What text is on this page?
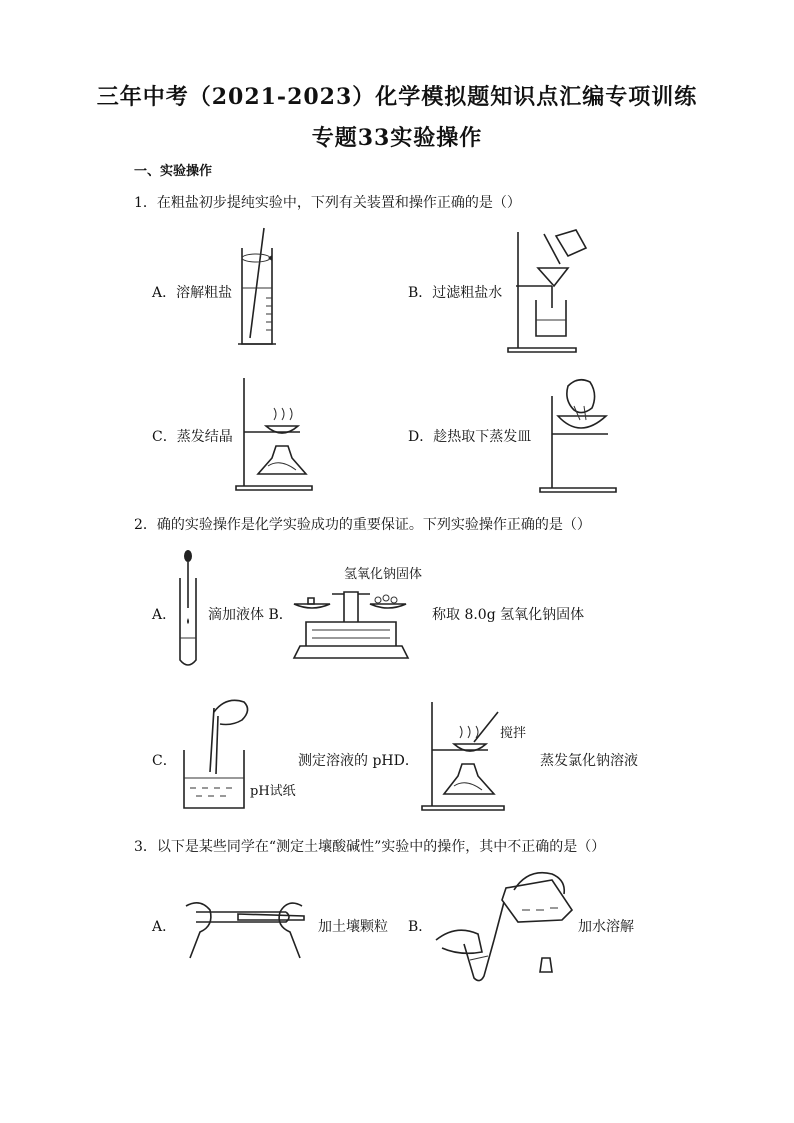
三年中考（2021-2023）化学模拟题知识点汇编专项训练
专题33实验操作
一、实验操作
1．在粗盐初步提纯实验中，下列有关装置和操作正确的是（）
A．溶解粗盐	B．过滤粗盐水
C．蒸发结晶	D．趁热取下蒸发皿
2．确的实验操作是化学实验成功的重要保证。下列实验操作正确的是（）
A． 滴加液体 B．
氢氧化钠固体
称取 8.0g 氢氧化钠固体
C．
pH试纸
测定溶液的 pHD．
搅拌
蒸发氯化钠溶液
3．以下是某些同学在“测定土壤酸碱性”实验中的操作，其中不正确的是（）
A．	加土壤颗粒 B．	加水溶解
